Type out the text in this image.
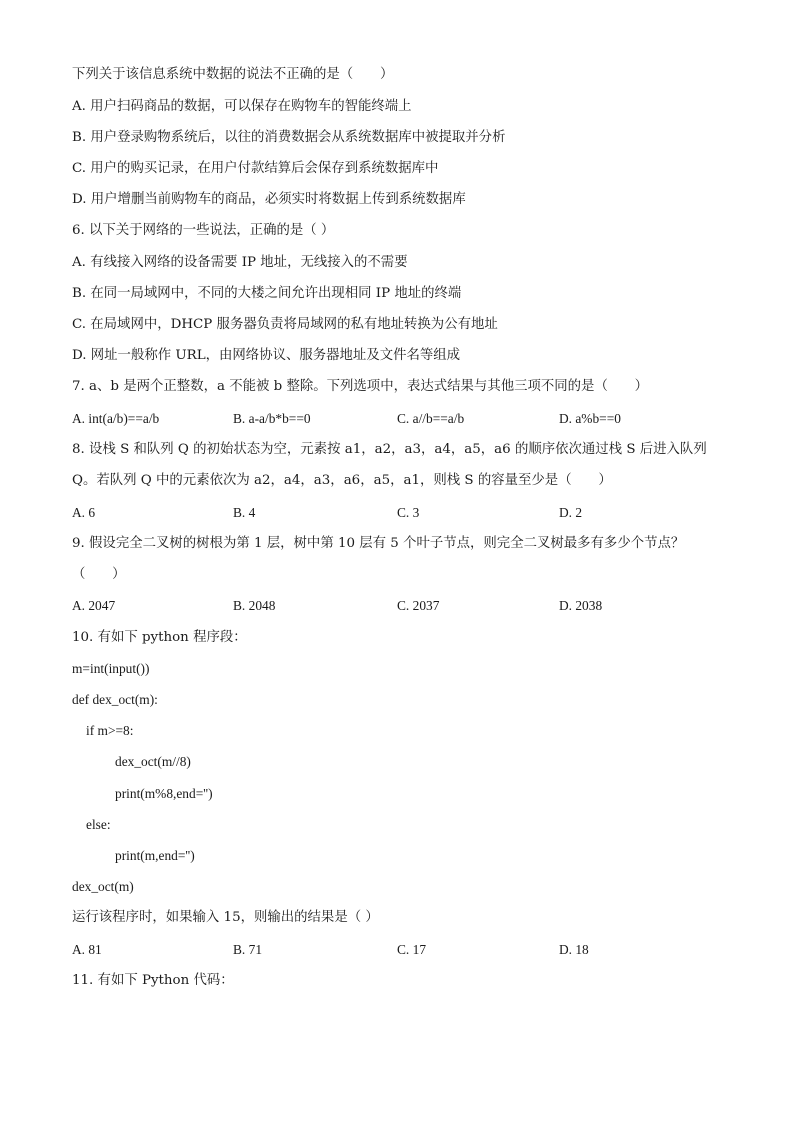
下列关于该信息系统中数据的说法不正确的是（　　）
A. 用户扫码商品的数据，可以保存在购物车的智能终端上
B. 用户登录购物系统后，以往的消费数据会从系统数据库中被提取并分析
C. 用户的购买记录，在用户付款结算后会保存到系统数据库中
D. 用户增删当前购物车的商品，必须实时将数据上传到系统数据库
6. 以下关于网络的一些说法，正确的是（ ）
A. 有线接入网络的设备需要 IP 地址，无线接入的不需要
B. 在同一局域网中，不同的大楼之间允许出现相同 IP 地址的终端
C. 在局域网中，DHCP 服务器负责将局域网的私有地址转换为公有地址
D. 网址一般称作 URL，由网络协议、服务器地址及文件名等组成
7. a、b 是两个正整数，a 不能被 b 整除。下列选项中，表达式结果与其他三项不同的是（　　）
A. int(a/b)==a/b	B. a-a/b*b==0	C. a//b==a/b	D. a%b==0
8. 设栈 S 和队列 Q 的初始状态为空，元素按 a1，a2，a3，a4，a5，a6 的顺序依次通过栈 S 后进入队列
Q。若队列 Q 中的元素依次为 a2，a4，a3，a6，a5，a1，则栈 S 的容量至少是（　　）
A. 6	B. 4	C. 3	D. 2
9. 假设完全二叉树的树根为第 1 层，树中第 10 层有 5 个叶子节点，则完全二叉树最多有多少个节点？
（　　）
A. 2047	B. 2048	C. 2037	D. 2038
10. 有如下 python 程序段：
m=int(input())
def dex_oct(m):
if m>=8:
dex_oct(m//8)
print(m%8,end='')
else:
print(m,end='')
dex_oct(m)
运行该程序时，如果输入 15，则输出的结果是（ ）
A. 81	B. 71	C. 17	D. 18
11. 有如下 Python 代码：
